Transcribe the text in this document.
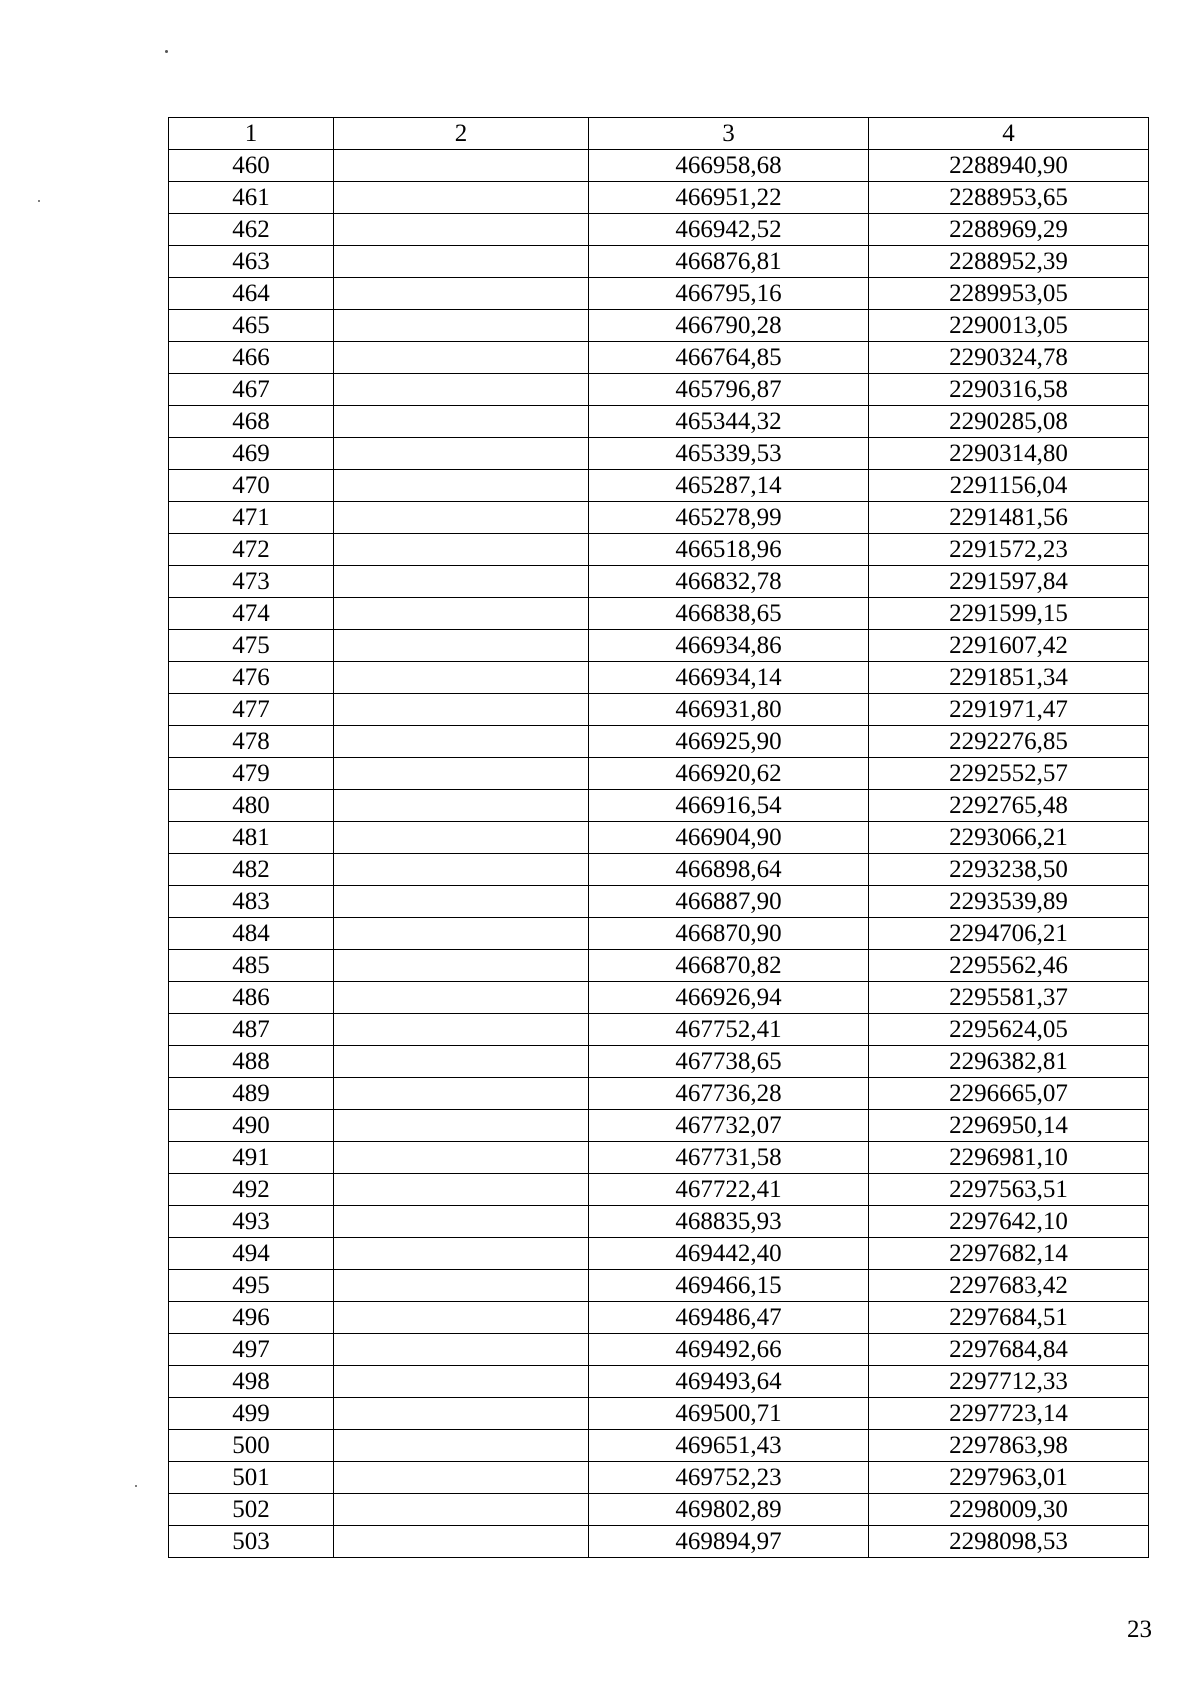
1	2	3	4
460		466958,68	2288940,90
461		466951,22	2288953,65
462		466942,52	2288969,29
463		466876,81	2288952,39
464		466795,16	2289953,05
465		466790,28	2290013,05
466		466764,85	2290324,78
467		465796,87	2290316,58
468		465344,32	2290285,08
469		465339,53	2290314,80
470		465287,14	2291156,04
471		465278,99	2291481,56
472		466518,96	2291572,23
473		466832,78	2291597,84
474		466838,65	2291599,15
475		466934,86	2291607,42
476		466934,14	2291851,34
477		466931,80	2291971,47
478		466925,90	2292276,85
479		466920,62	2292552,57
480		466916,54	2292765,48
481		466904,90	2293066,21
482		466898,64	2293238,50
483		466887,90	2293539,89
484		466870,90	2294706,21
485		466870,82	2295562,46
486		466926,94	2295581,37
487		467752,41	2295624,05
488		467738,65	2296382,81
489		467736,28	2296665,07
490		467732,07	2296950,14
491		467731,58	2296981,10
492		467722,41	2297563,51
493		468835,93	2297642,10
494		469442,40	2297682,14
495		469466,15	2297683,42
496		469486,47	2297684,51
497		469492,66	2297684,84
498		469493,64	2297712,33
499		469500,71	2297723,14
500		469651,43	2297863,98
501		469752,23	2297963,01
502		469802,89	2298009,30
503		469894,97	2298098,53
23
